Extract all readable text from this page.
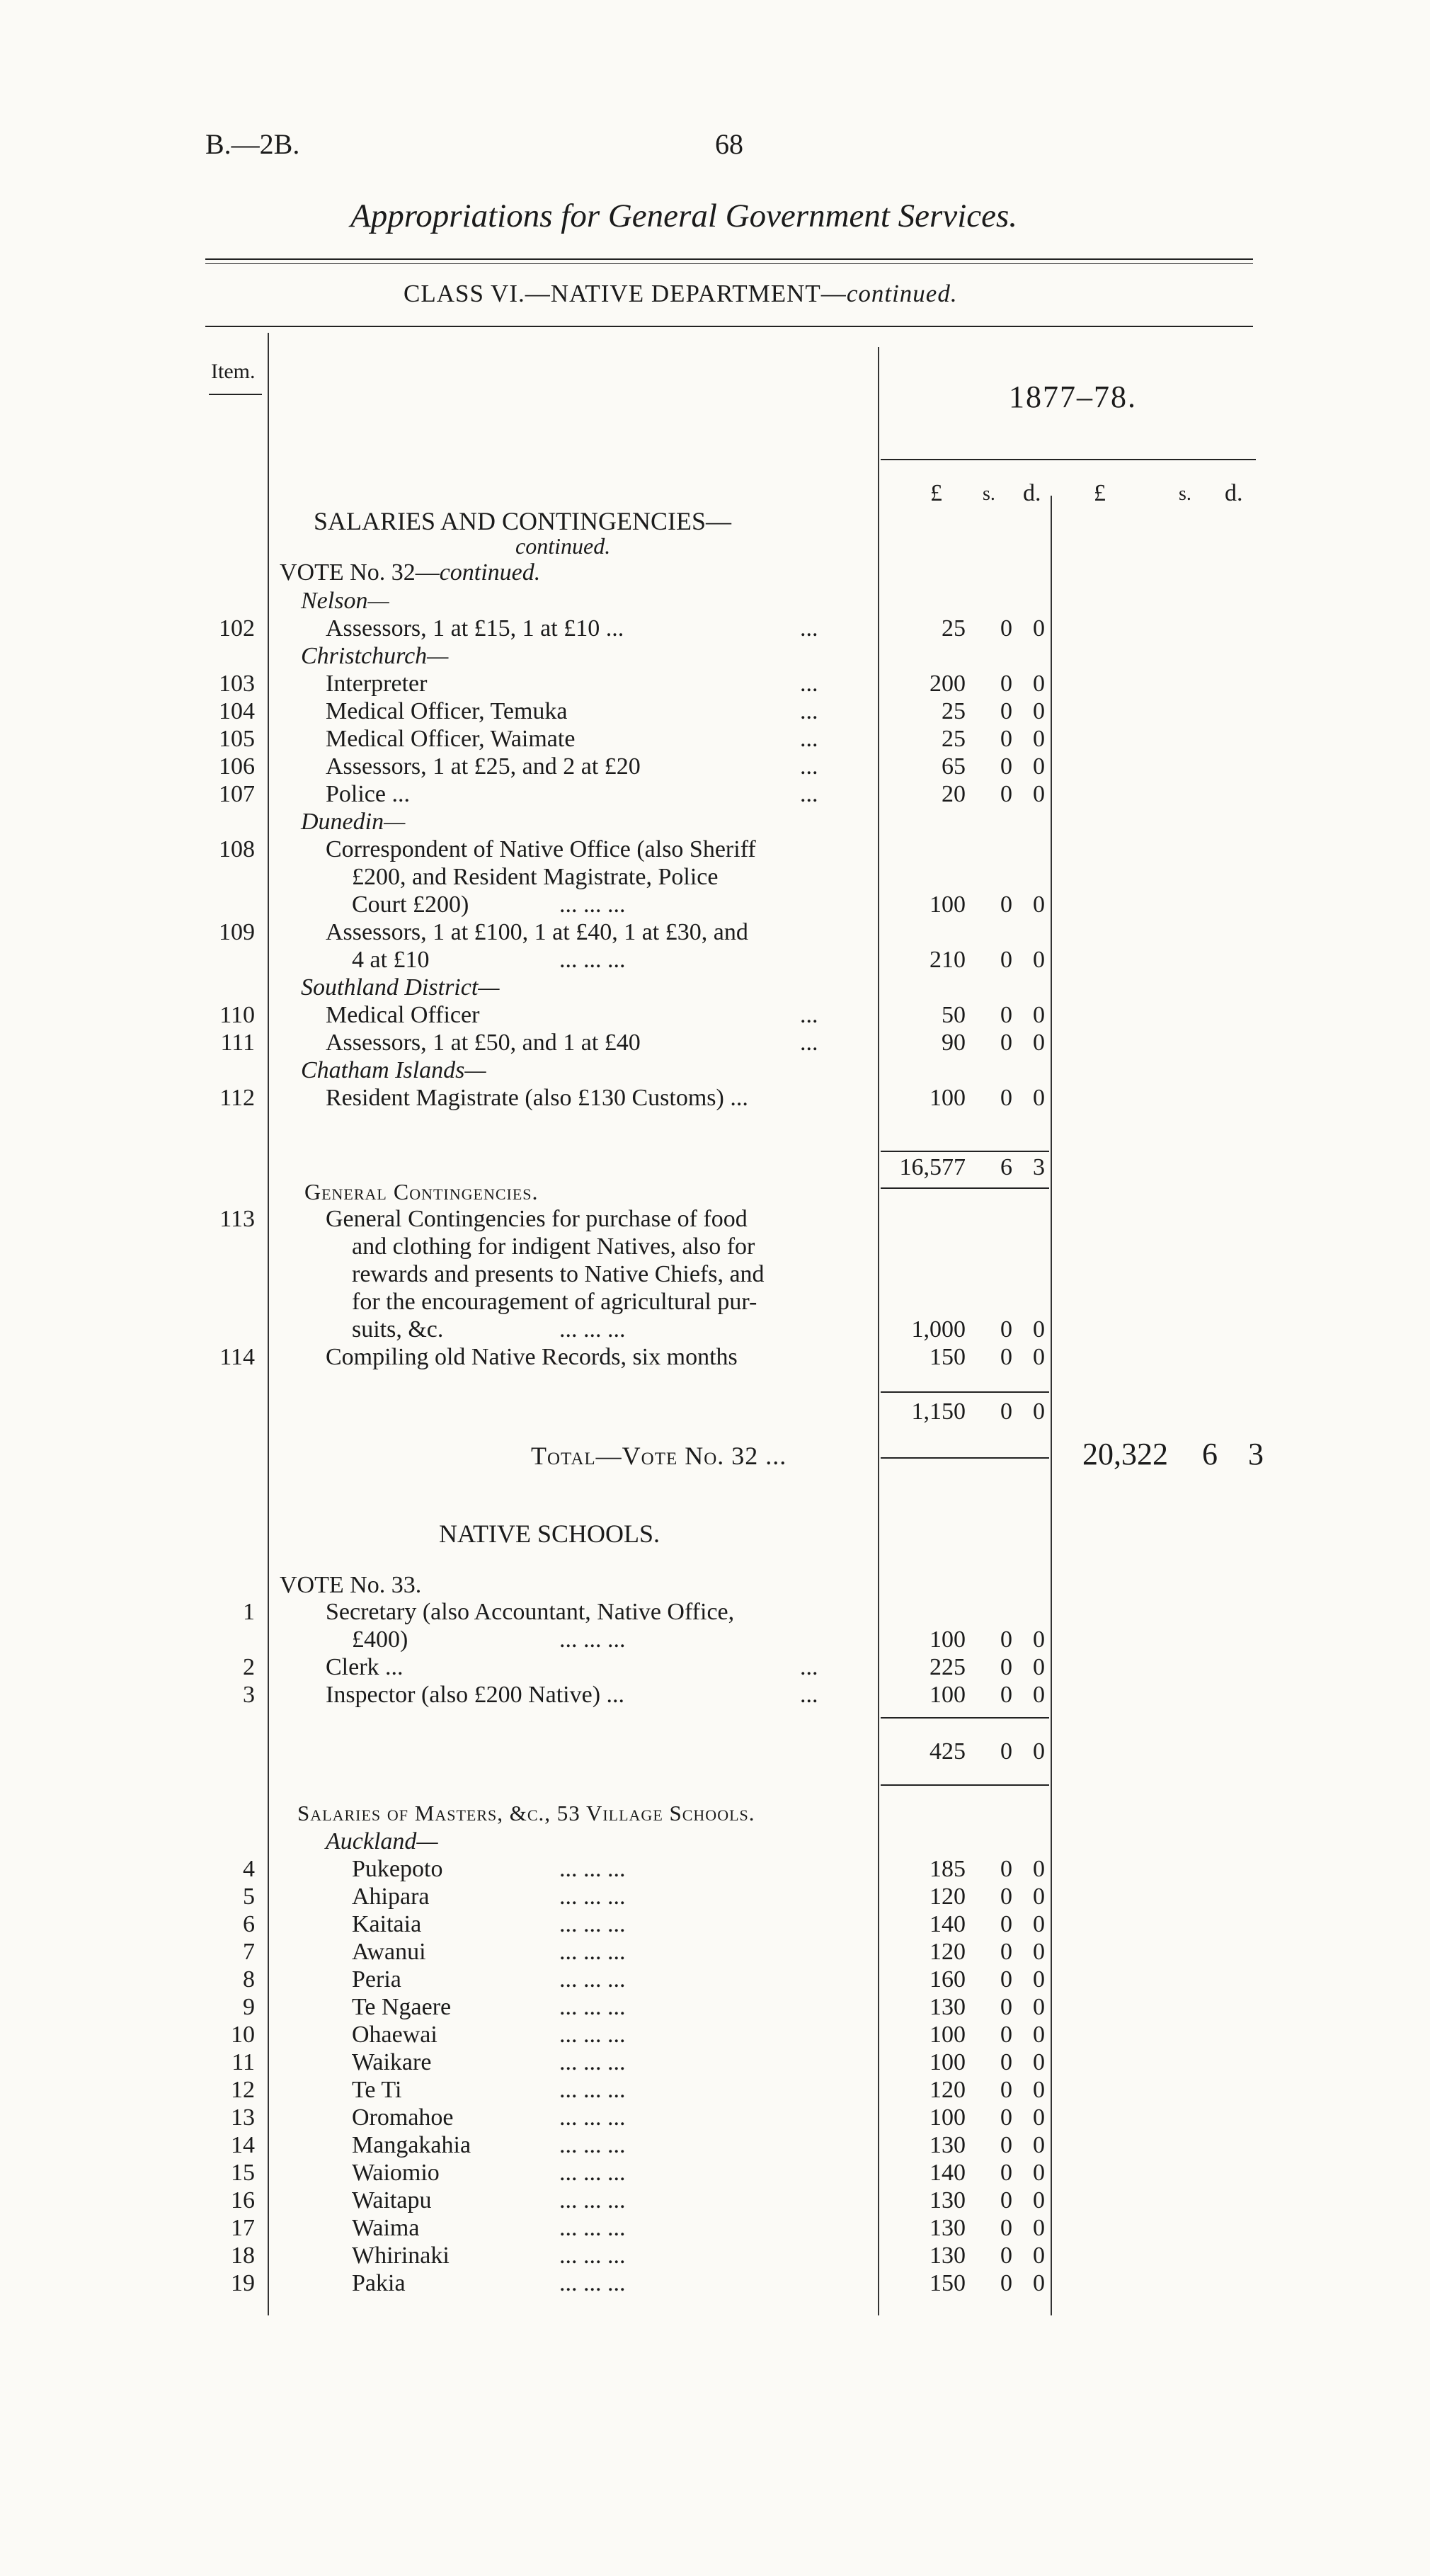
B.—2B.	68
Appropriations for General Government Services.
CLASS VI.—NATIVE DEPARTMENT—continued.
Item.
1877–78.
£ s. d. £	s. d.
SALARIES AND CONTINGENCIES—
continued.
VOTE No. 32—continued.
Nelson—
102	Assessors, 1 at £15, 1 at £10 ...	...	25	0 0
Christchurch—
103	Interpreter	...	200	0 0
104	Medical Officer, Temuka	...	25	0 0
105	Medical Officer, Waimate	...	25	0 0
106	Assessors, 1 at £25, and 2 at £20	...	65	0 0
107	Police ...	...	20	0 0
Dunedin—
108	Correspondent of Native Office (also Sheriff
£200, and Resident Magistrate, Police
Court £200)	... ... ...	100	0 0
109	Assessors, 1 at £100, 1 at £40, 1 at £30, and
4 at £10	... ... ...	210	0 0
Southland District—
110	Medical Officer	...	50	0 0
111	Assessors, 1 at £50, and 1 at £40	...	90	0 0
Chatham Islands—
112	Resident Magistrate (also £130 Customs) ...	100	0 0
16,577	6 3
General Contingencies.
113	General Contingencies for purchase of food
and clothing for indigent Natives, also for
rewards and presents to Native Chiefs, and
for the encouragement of agricultural pur-
suits, &c.	... ... ...	1,000	0 0
114	Compiling old Native Records, six months	150	0 0
1,150	0 0
Total—Vote No. 32 ...	20,322	6 3
NATIVE SCHOOLS.
VOTE No. 33.
1	Secretary (also Accountant, Native Office,
£400)	... ... ...	100	0 0
2	Clerk ...	...	225	0 0
3	Inspector (also £200 Native) ...	...	100	0 0
425	0 0
Salaries of Masters, &c., 53 Village Schools.
Auckland—
4	Pukepoto	... ... ...	185	0 0
5	Ahipara	... ... ...	120	0 0
6	Kaitaia	... ... ...	140	0 0
7	Awanui	... ... ...	120	0 0
8	Peria	... ... ...	160	0 0
9	Te Ngaere	... ... ...	130	0 0
10	Ohaewai	... ... ...	100	0 0
11	Waikare	... ... ...	100	0 0
12	Te Ti	... ... ...	120	0 0
13	Oromahoe	... ... ...	100	0 0
14	Mangakahia	... ... ...	130	0 0
15	Waiomio	... ... ...	140	0 0
16	Waitapu	... ... ...	130	0 0
17	Waima	... ... ...	130	0 0
18	Whirinaki	... ... ...	130	0 0
19	Pakia	... ... ...	150	0 0
